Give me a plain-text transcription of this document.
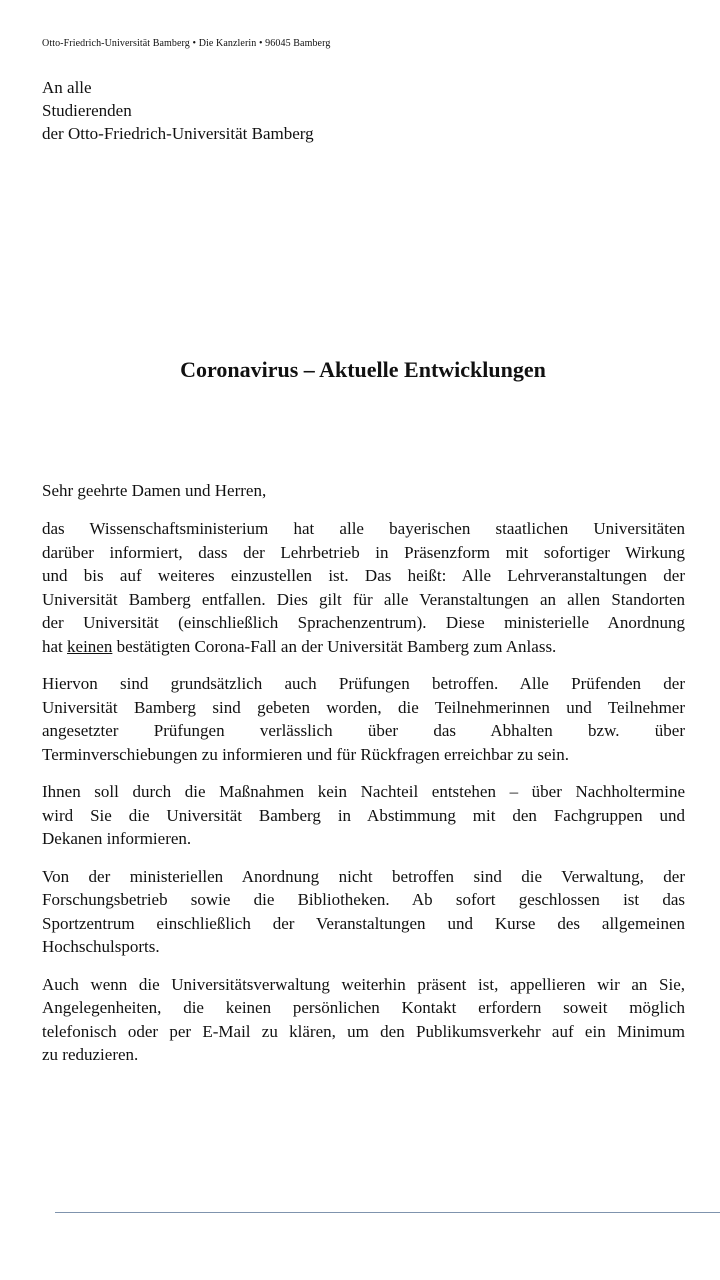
Otto-Friedrich-Universität Bamberg • Die Kanzlerin • 96045 Bamberg
An alle
Studierenden
der Otto-Friedrich-Universität Bamberg
Coronavirus – Aktuelle Entwicklungen
Sehr geehrte Damen und Herren,
das Wissenschaftsministerium hat alle bayerischen staatlichen Universitäten
darüber informiert, dass der Lehrbetrieb in Präsenzform mit sofortiger Wirkung
und bis auf weiteres einzustellen ist. Das heißt: Alle Lehrveranstaltungen der
Universität Bamberg entfallen. Dies gilt für alle Veranstaltungen an allen Standorten
der Universität (einschließlich Sprachenzentrum). Diese ministerielle Anordnung
hat keinen bestätigten Corona-Fall an der Universität Bamberg zum Anlass.
Hiervon sind grundsätzlich auch Prüfungen betroffen. Alle Prüfenden der
Universität Bamberg sind gebeten worden, die Teilnehmerinnen und Teilnehmer
angesetzter Prüfungen verlässlich über das Abhalten bzw. über
Terminverschiebungen zu informieren und für Rückfragen erreichbar zu sein.
Ihnen soll durch die Maßnahmen kein Nachteil entstehen – über Nachholtermine
wird Sie die Universität Bamberg in Abstimmung mit den Fachgruppen und
Dekanen informieren.
Von der ministeriellen Anordnung nicht betroffen sind die Verwaltung, der
Forschungsbetrieb sowie die Bibliotheken. Ab sofort geschlossen ist das
Sportzentrum einschließlich der Veranstaltungen und Kurse des allgemeinen
Hochschulsports.
Auch wenn die Universitätsverwaltung weiterhin präsent ist, appellieren wir an Sie,
Angelegenheiten, die keinen persönlichen Kontakt erfordern soweit möglich
telefonisch oder per E-Mail zu klären, um den Publikumsverkehr auf ein Minimum
zu reduzieren.
